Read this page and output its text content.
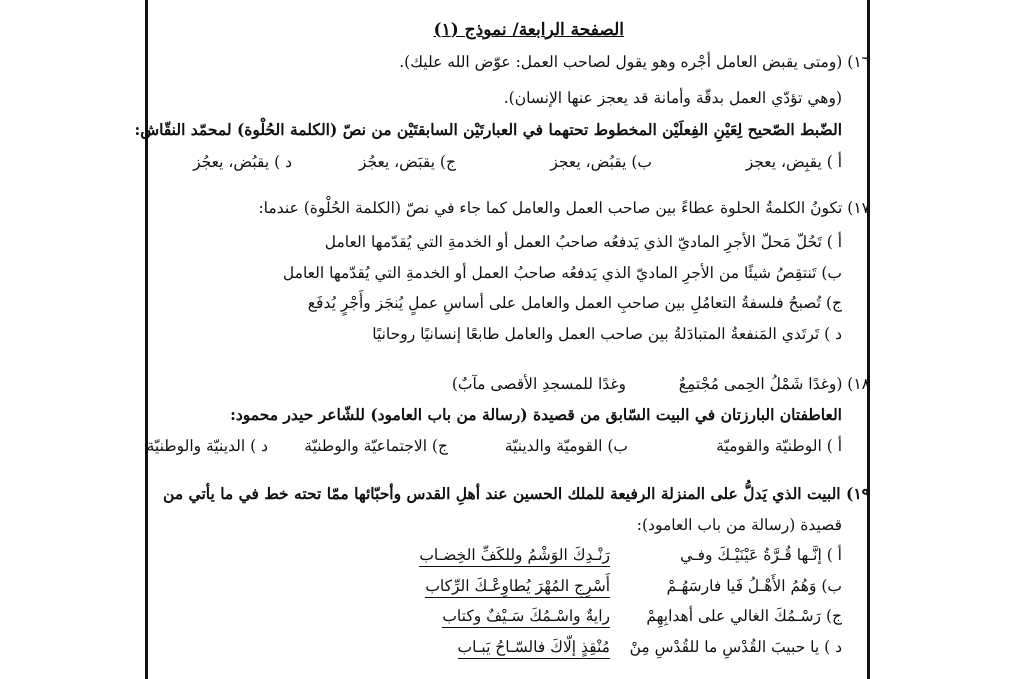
الصفحة الرابعة/ نموذج (١)
١٦) (ومتى يقبض العامل أجْره وهو يقول لصاحب العمل: عوّض الله عليك).
(وهي تؤدّي العمل بدقّة وأمانة قد يعجز عنها الإنسان).
الضّبط الصّحيح لِعَيْنِ الفِعلَيْن المخطوط تحتهما في العبارتَيْن السابقتَيْن من نصّ (الكلمة الحُلْوة) لمحمّد النقّاش:
أ ) يقبِض، يعجز
ب) يقبُض، يعجز
ج) يقبَض، يعجُز
د ) يقبُض، يعجُز
١٧) تكونُ الكلمةُ الحلوة عطاءً بين صاحب العمل والعامل كما جاء في نصّ (الكلمة الحُلْوة) عندما:
أ ) تَحُلّ مَحلّ الأجرِ الماديّ الذي يَدفعُه صاحبُ العمل أو الخدمةِ التي يُقدّمها العامل
ب) تَنتقِصُ شيئًا من الأجرِ الماديّ الذي يَدفعُه صاحبُ العمل أو الخدمةِ التي يُقدّمها العامل
ج) تُصبحُ فلسفةُ التعامُلِ بين صاحبِ العمل والعامل على أساسِ عملٍ يُنجَز وأَجْرٍ يُدفَع
د ) تَرتَدي المَنفعةُ المتبادَلةُ بين صاحب العمل والعامل طابعًا إنسانيًا روحانيًا
١٨) (وغدًا شَمْلُ الحِمى مُجْتمِعٌ
وغدًا للمسجدِ الأقصى مآبٌ)
العاطفتان البارزتان في البيت السّابق من قصيدة (رسالة من باب العامود) للشّاعر حيدر محمود:
أ ) الوطنيّة والقوميّة
ب) القوميّة والدينيّة
ج) الاجتماعيّة والوطنيّة
د ) الدينيّة والوطنيّة
١٩) البيت الذي يَدلُّ على المنزلة الرفيعة للملك الحسين عند أهلِ القدس وأحبّائها ممّا تحته خط في ما يأتي من
قصيدة (رسالة من باب العامود):
أ ) إنَّـها قُـرَّةُ عَيْنَيْـكَ وفـي
رَنْـدِكَ الوَشْمُ وللكَفِّ الخِضـاب
ب) وَهُمُ الأَهْـلُ فَيا فارسَهُـمْ
أَسْرِجِ المُهْرَ يُطاوِعْـكَ الرِّكاب
ج) رَسْـمُكَ الغالي على أهدابِهِمْ
رايةٌ واسْـمُكَ سَـيْفٌ وكتاب
د ) يا حبيبَ القُدْسِ ما للقُدْسِ مِنْ
مُنْقِذٍ إلّاكَ فالسّـاحُ يَبـاب
